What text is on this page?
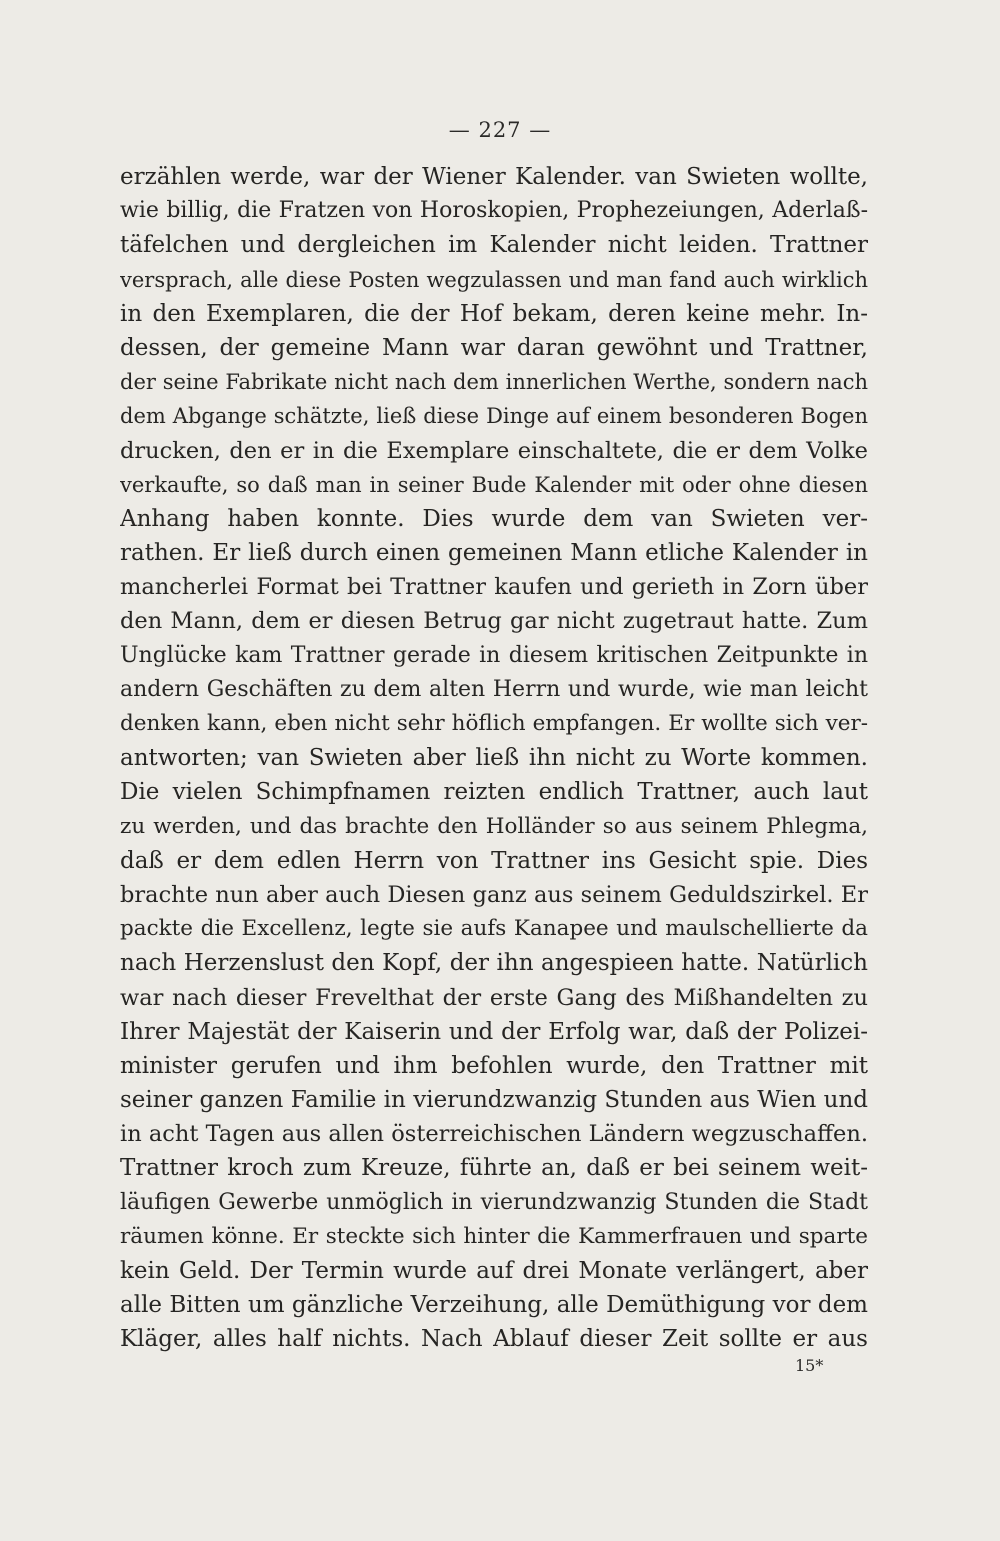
— 227 —
erzählen werde, war der Wiener Kalender. van Swieten wollte,
wie billig, die Fratzen von Horoskopien, Prophezeiungen, Aderlaß-
täfelchen und dergleichen im Kalender nicht leiden. Trattner
versprach, alle diese Posten wegzulassen und man fand auch wirklich
in den Exemplaren, die der Hof bekam, deren keine mehr. In-
dessen, der gemeine Mann war daran gewöhnt und Trattner,
der seine Fabrikate nicht nach dem innerlichen Werthe, sondern nach
dem Abgange schätzte, ließ diese Dinge auf einem besonderen Bogen
drucken, den er in die Exemplare einschaltete, die er dem Volke
verkaufte, so daß man in seiner Bude Kalender mit oder ohne diesen
Anhang haben konnte. Dies wurde dem van Swieten ver-
rathen. Er ließ durch einen gemeinen Mann etliche Kalender in
mancherlei Format bei Trattner kaufen und gerieth in Zorn über
den Mann, dem er diesen Betrug gar nicht zugetraut hatte. Zum
Unglücke kam Trattner gerade in diesem kritischen Zeitpunkte in
andern Geschäften zu dem alten Herrn und wurde, wie man leicht
denken kann, eben nicht sehr höflich empfangen. Er wollte sich ver-
antworten; van Swieten aber ließ ihn nicht zu Worte kommen.
Die vielen Schimpfnamen reizten endlich Trattner, auch laut
zu werden, und das brachte den Holländer so aus seinem Phlegma,
daß er dem edlen Herrn von Trattner ins Gesicht spie. Dies
brachte nun aber auch Diesen ganz aus seinem Geduldszirkel. Er
packte die Excellenz, legte sie aufs Kanapee und maulschellierte da
nach Herzenslust den Kopf, der ihn angespieen hatte. Natürlich
war nach dieser Frevelthat der erste Gang des Mißhandelten zu
Ihrer Majestät der Kaiserin und der Erfolg war, daß der Polizei-
minister gerufen und ihm befohlen wurde, den Trattner mit
seiner ganzen Familie in vierundzwanzig Stunden aus Wien und
in acht Tagen aus allen österreichischen Ländern wegzuschaffen.
Trattner kroch zum Kreuze, führte an, daß er bei seinem weit-
läufigen Gewerbe unmöglich in vierundzwanzig Stunden die Stadt
räumen könne. Er steckte sich hinter die Kammerfrauen und sparte
kein Geld. Der Termin wurde auf drei Monate verlängert, aber
alle Bitten um gänzliche Verzeihung, alle Demüthigung vor dem
Kläger, alles half nichts. Nach Ablauf dieser Zeit sollte er aus
15*
